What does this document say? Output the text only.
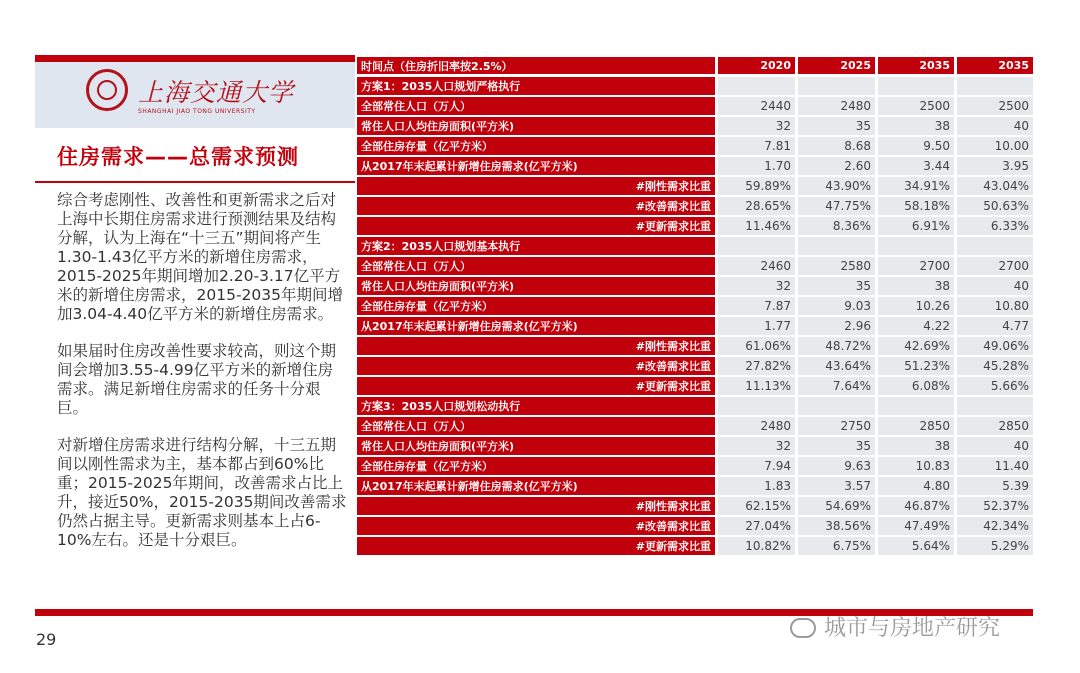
上海交通大学
SHANGHAI JIAO TONG UNIVERSITY
住房需求——总需求预测

综合考虑刚性、改善性和更新需求之后对上海中长期住房需求进行预测结果及结构分解，认为上海在“十三五”期间将产生1.30-1.43亿平方米的新增住房需求，2015-2025年期间增加2.20-3.17亿平方米的新增住房需求，2015-2035年期间增加3.04-4.40亿平方米的新增住房需求。

如果届时住房改善性要求较高，则这个期间会增加3.55-4.99亿平方米的新增住房需求。满足新增住房需求的任务十分艰巨。

对新增住房需求进行结构分解，十三五期间以刚性需求为主，基本都占到60%比重；2015-2025年期间，改善需求占比上升，接近50%，2015-2035期间改善需求仍然占据主导。更新需求则基本上占6-10%左右。还是十分艰巨。

时间点（住房折旧率按2.5%）	2020	2025	2035	2035
方案1：2035人口规划严格执行				
全部常住人口（万人）	2440	2480	2500	2500
常住人口人均住房面积(平方米)	32	35	38	40
全部住房存量（亿平方米）	7.81	8.68	9.50	10.00
从2017年末起累计新增住房需求(亿平方米)	1.70	2.60	3.44	3.95
#刚性需求比重	59.89%	43.90%	34.91%	43.04%
#改善需求比重	28.65%	47.75%	58.18%	50.63%
#更新需求比重	11.46%	8.36%	6.91%	6.33%
方案2：2035人口规划基本执行				
全部常住人口（万人）	2460	2580	2700	2700
常住人口人均住房面积(平方米)	32	35	38	40
全部住房存量（亿平方米）	7.87	9.03	10.26	10.80
从2017年末起累计新增住房需求(亿平方米)	1.77	2.96	4.22	4.77
#刚性需求比重	61.06%	48.72%	42.69%	49.06%
#改善需求比重	27.82%	43.64%	51.23%	45.28%
#更新需求比重	11.13%	7.64%	6.08%	5.66%
方案3：2035人口规划松动执行				
全部常住人口（万人）	2480	2750	2850	2850
常住人口人均住房面积(平方米)	32	35	38	40
全部住房存量（亿平方米）	7.94	9.63	10.83	11.40
从2017年末起累计新增住房需求(亿平方米)	1.83	3.57	4.80	5.39
#刚性需求比重	62.15%	54.69%	46.87%	52.37%
#改善需求比重	27.04%	38.56%	47.49%	42.34%
#更新需求比重	10.82%	6.75%	5.64%	5.29%
29	城市与房地产研究
